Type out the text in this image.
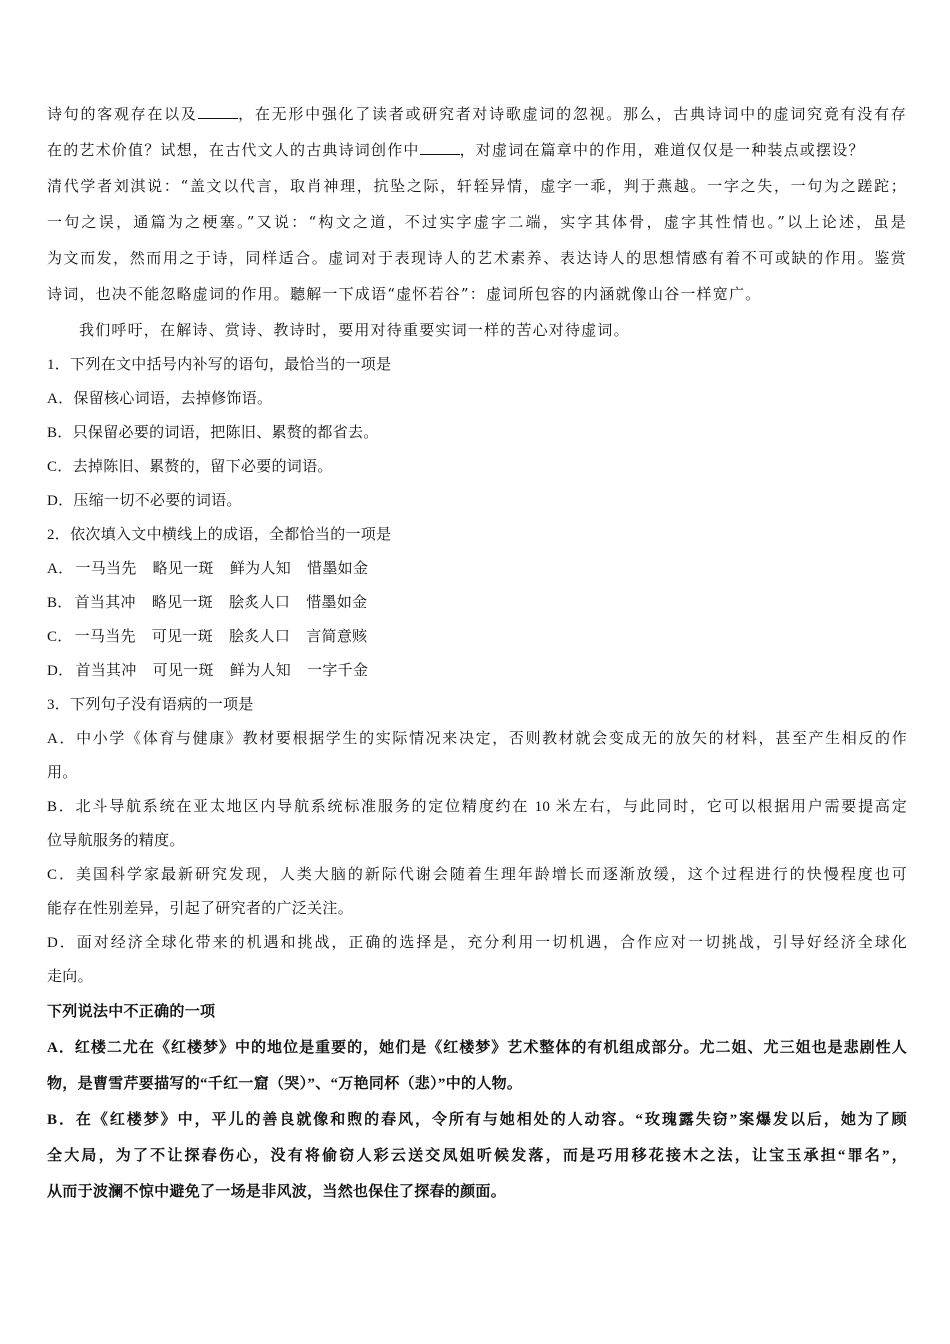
诗句的客观存在以及	，在无形中强化了读者或研究者对诗歌虚词的忽视。那么，古典诗词中的虚词究竟有没有存
在的艺术价值？试想，在古代文人的古典诗词创作中	，对虚词在篇章中的作用，难道仅仅是一种装点或摆设？
清代学者刘淇说：“盖文以代言，取肖神理，抗坠之际，轩轾异情，虚字一乖，判于燕越。一字之失，一句为之蹉跎；
一句之误，通篇为之梗塞。”又说：“构文之道，不过实字虚字二端，实字其体骨，虚字其性情也。”以上论述，虽是
为文而发，然而用之于诗，同样适合。虚词对于表现诗人的艺术素养、表达诗人的思想情感有着不可或缺的作用。鉴赏
诗词，也决不能忽略虚词的作用。聽解一下成语“虚怀若谷”：虚词所包容的内涵就像山谷一样宽广。
我们呼吁，在解诗、赏诗、教诗时，要用对待重要实词一样的苦心对待虚词。
1．下列在文中括号内补写的语句，最恰当的一项是
A．保留核心词语，去掉修饰语。
B．只保留必要的词语，把陈旧、累赘的都省去。
C．去掉陈旧、累赘的，留下必要的词语。
D．压缩一切不必要的词语。
2．依次填入文中横线上的成语，全都恰当的一项是
A． 一马当先 略见一斑 鲜为人知 惜墨如金
B． 首当其冲 略见一斑 脍炙人口 惜墨如金
C． 一马当先 可见一斑 脍炙人口 言简意赅
D． 首当其冲 可见一斑 鲜为人知 一字千金
3．下列句子没有语病的一项是
A．中小学《体育与健康》教材要根据学生的实际情况来决定，否则教材就会变成无的放矢的材料，甚至产生相反的作
用。
B．北斗导航系统在亚太地区内导航系统标准服务的定位精度约在 10 米左右，与此同时，它可以根据用户需要提高定
位导航服务的精度。
C．美国科学家最新研究发现，人类大脑的新际代谢会随着生理年龄增长而逐渐放缓，这个过程进行的快慢程度也可
能存在性别差异，引起了研究者的广泛关注。
D．面对经济全球化带来的机遇和挑战，正确的选择是，充分利用一切机遇，合作应对一切挑战，引导好经济全球化
走向。
下列说法中不正确的一项
A．红楼二尤在《红楼梦》中的地位是重要的，她们是《红楼梦》艺术整体的有机组成部分。尤二姐、尤三姐也是悲剧性人
物，是曹雪芹要描写的“千红一窟（哭）”、“万艳同杯（悲）”中的人物。
B．在《红楼梦》中，平儿的善良就像和煦的春风，令所有与她相处的人动容。“玫瑰露失窃”案爆发以后，她为了顾
全大局，为了不让探春伤心，没有将偷窃人彩云送交凤姐听候发落，而是巧用移花接木之法，让宝玉承担“罪名”，
从而于波澜不惊中避免了一场是非风波，当然也保住了探春的颜面。
